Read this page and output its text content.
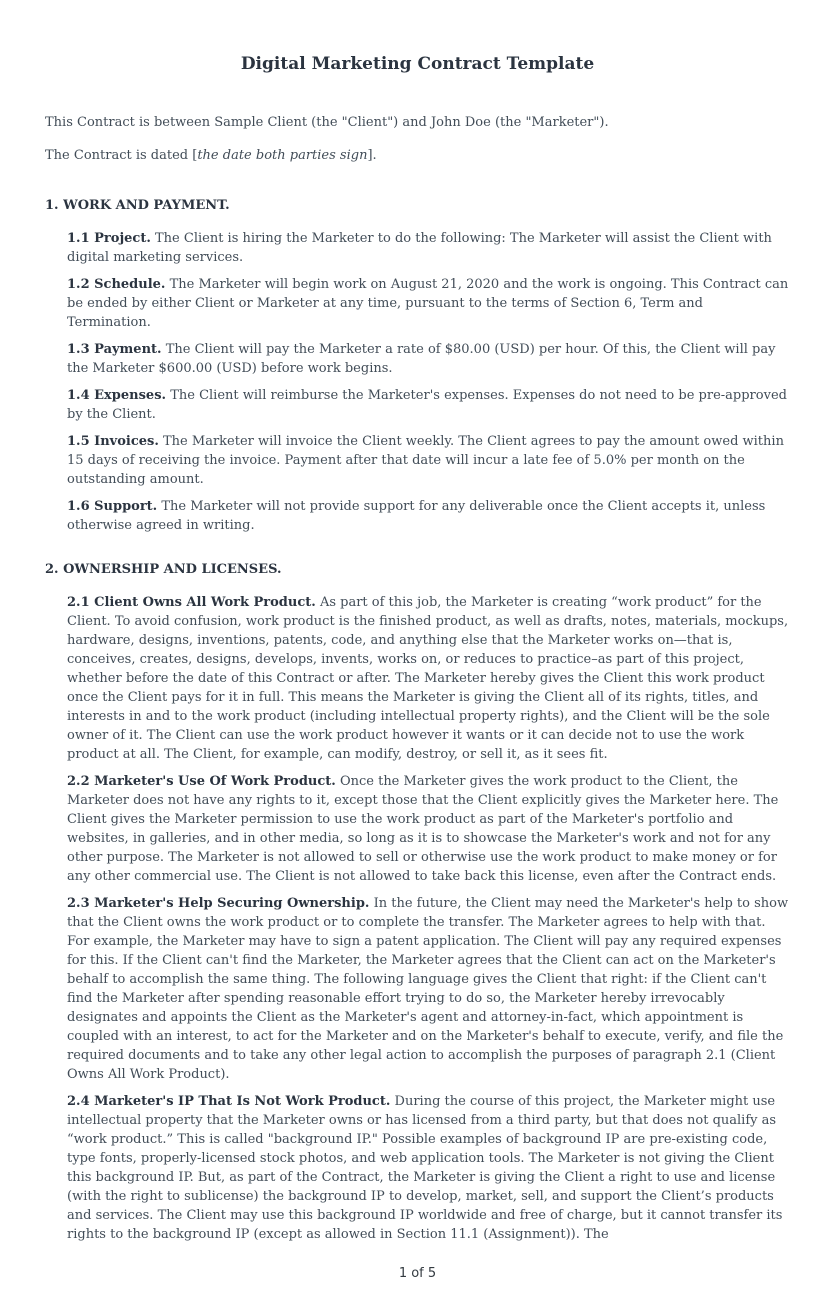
Digital Marketing Contract Template

This Contract is between Sample Client (the "Client") and John Doe (the "Marketer").

The Contract is dated [the date both parties sign].

1. WORK AND PAYMENT.

1.1 Project. The Client is hiring the Marketer to do the following: The Marketer will assist the Client with digital marketing services.

1.2 Schedule. The Marketer will begin work on August 21, 2020 and the work is ongoing. This Contract can be ended by either Client or Marketer at any time, pursuant to the terms of Section 6, Term and Termination.

1.3 Payment. The Client will pay the Marketer a rate of $80.00 (USD) per hour. Of this, the Client will pay the Marketer $600.00 (USD) before work begins.

1.4 Expenses. The Client will reimburse the Marketer's expenses. Expenses do not need to be pre-approved by the Client.

1.5 Invoices. The Marketer will invoice the Client weekly. The Client agrees to pay the amount owed within 15 days of receiving the invoice. Payment after that date will incur a late fee of 5.0% per month on the outstanding amount.

1.6 Support. The Marketer will not provide support for any deliverable once the Client accepts it, unless otherwise agreed in writing.

2. OWNERSHIP AND LICENSES.

2.1 Client Owns All Work Product. As part of this job, the Marketer is creating “work product” for the Client. To avoid confusion, work product is the finished product, as well as drafts, notes, materials, mockups, hardware, designs, inventions, patents, code, and anything else that the Marketer works on—that is, conceives, creates, designs, develops, invents, works on, or reduces to practice–as part of this project, whether before the date of this Contract or after. The Marketer hereby gives the Client this work product once the Client pays for it in full. This means the Marketer is giving the Client all of its rights, titles, and interests in and to the work product (including intellectual property rights), and the Client will be the sole owner of it. The Client can use the work product however it wants or it can decide not to use the work product at all. The Client, for example, can modify, destroy, or sell it, as it sees fit.

2.2 Marketer's Use Of Work Product. Once the Marketer gives the work product to the Client, the Marketer does not have any rights to it, except those that the Client explicitly gives the Marketer here. The Client gives the Marketer permission to use the work product as part of the Marketer's portfolio and websites, in galleries, and in other media, so long as it is to showcase the Marketer's work and not for any other purpose. The Marketer is not allowed to sell or otherwise use the work product to make money or for any other commercial use. The Client is not allowed to take back this license, even after the Contract ends.

2.3 Marketer's Help Securing Ownership. In the future, the Client may need the Marketer's help to show that the Client owns the work product or to complete the transfer. The Marketer agrees to help with that. For example, the Marketer may have to sign a patent application. The Client will pay any required expenses for this. If the Client can't find the Marketer, the Marketer agrees that the Client can act on the Marketer's behalf to accomplish the same thing. The following language gives the Client that right: if the Client can't find the Marketer after spending reasonable effort trying to do so, the Marketer hereby irrevocably designates and appoints the Client as the Marketer's agent and attorney-in-fact, which appointment is coupled with an interest, to act for the Marketer and on the Marketer's behalf to execute, verify, and file the required documents and to take any other legal action to accomplish the purposes of paragraph 2.1 (Client Owns All Work Product).

2.4 Marketer's IP That Is Not Work Product. During the course of this project, the Marketer might use intellectual property that the Marketer owns or has licensed from a third party, but that does not qualify as “work product.” This is called "background IP." Possible examples of background IP are pre-existing code, type fonts, properly-licensed stock photos, and web application tools. The Marketer is not giving the Client this background IP. But, as part of the Contract, the Marketer is giving the Client a right to use and license (with the right to sublicense) the background IP to develop, market, sell, and support the Client’s products and services. The Client may use this background IP worldwide and free of charge, but it cannot transfer its rights to the background IP (except as allowed in Section 11.1 (Assignment)). The

1 of 5
